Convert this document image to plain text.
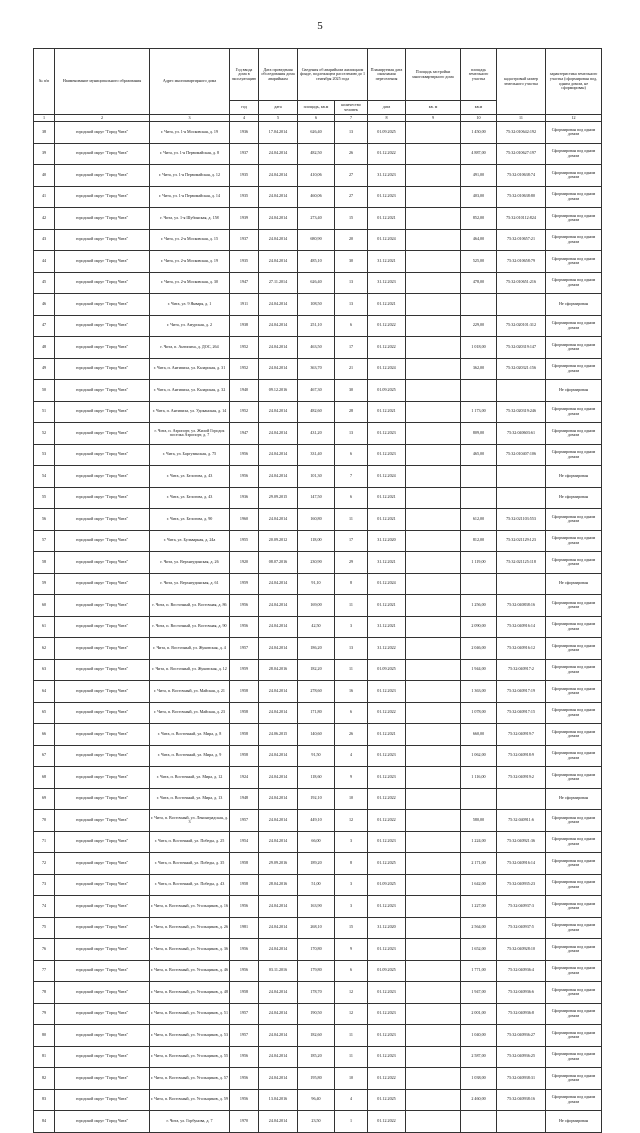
5
№ п/п	Наименование муниципального образования	Адрес многоквартирного дома	Год ввода дома в эксплуатацию	Дата проведения обследования дома аварийным	Сведения об аварийном жилищном фонде, подлежащем расселению до 1 сентября 2025 года		Планируемая дата окончания переселения	Площадь застройки многоквартирного дома	площадь земельного участка	кадастровый номер земельного участка	характеристика земельного участка (сформирован под, одним домом, не сформирован)
			год	дата	площадь, кв.м	количество человек	дата	кв. м	кв.м		
1	2	3	4	5	6	7	8	9	10	11	12
38	городской округ "Город Чита"	г. Чита, ул. 1-я Московская, д. 19	1936	17.04.2014	626,40	13	01.09.2025		1 450,00	75:32:010642:192	Сформирован под одним домом
39	городской округ "Город Чита"	г. Чита, ул. 1-я Первомайская, д. 8	1937	24.04.2014	482,50	26	01.12.2022		4 887,00	75:32:010627:197	Сформирован под одним домом
40	городской округ "Город Чита"	г. Чита, ул. 1-я Первомайская, д. 12	1935	24.04.2014	410,06	27	31.12.2023		491,00	75:32:010638:74	Сформирован под одним домом
41	городской округ "Город Чита"	г. Чита, ул. 1-я Первомайская, д. 14	1935	24.04.2014	460,06	27	01.12.2023		403,00	75:32:010638:80	Сформирован под одним домом
42	городской округ "Город Чита"	г. Чита, ул. 1-я Шубинская, д. 158	1939	24.04.2014	273,40	15	01.12.2021		852,00	75:32:010112:824	Сформирован под одним домом
43	городской округ "Город Чита"	г. Чита, ул. 2-я Московская, д. 15	1937	24.04.2014	680,90	20	01.12.2024		464,00	75:32:010657:21	Сформирован под одним домом
44	городской округ "Город Чита"	г. Чита, ул. 2-я Московская, д. 19	1935	24.04.2014	485,10	30	31.12.2021		525,00	75:32:010658:79	Сформирован под одним домом
45	городской округ "Город Чита"	г. Чита, ул. 2-я Московская, д. 30	1947	27.11.2014	626,40	13	31.12.2023		478,00	75:32:010651:216	Сформирован под одним домом
46	городской округ "Город Чита"	г. Чита, ул. 9 Января, д. 1	1911	24.04.2014	108,50	13	01.12.2021				Не сформирован
47	городской округ "Город Чита"	г. Чита, ул. Амурская, д. 2	1938	24.04.2014	251,10	6	01.12.2022		229,00	75:32:020101:312	Сформирован под одним домом
48	городской округ "Город Чита"	г. Чита, п. Антипиха, д. ДОС, 264	1952	24.04.2014	463,50	17	01.12.2022		1 018,00	75:32:020319:147	Сформирован под одним домом
49	городской округ "Город Чита"	г. Чита, п. Антипиха, ул. Каларская, д. 31	1952	24.04.2014	363,70	21	01.12.2024		362,00	75:32:020321:156	Сформирован под одним домом
50	городской округ "Город Чита"	г. Чита, п. Антипиха, ул. Каларская, д. 32	1940	09.12.2016	467,30	30	01.09.2025				Не сформирован
51	городской округ "Город Чита"	г. Чита, п. Антипиха, ул. Удоканская, д. 14	1952	24.04.2014	482,60	28	01.12.2021		1 173,00	75:32:020319:246	Сформирован под одним домом
52	городской округ "Город Чита"	г. Чита, п. Аэропорт, ул. Жилой Городок поселка Аэропорт, д. 7	1947	24.04.2014	431,20	13	01.12.2023		809,00	75:32:040603:61	Сформирован под одним домом
53	городской округ "Город Чита"	г. Чита, ул. Баргузинская, д. 75	1956	24.04.2014	331,40	6	01.12.2023		465,00	75:32:010407:106	Сформирован под одним домом
54	городской округ "Город Чита"	г. Чита, ул. Белогова, д. 43	1956	24.04.2014	101,30	7	01.12.2024				Не сформирован
55	городской округ "Город Чита"	г. Чита, ул. Белогова, д. 43	1936	29.09.2015	147,50	6	01.12.2021				Не сформирован
56	городской округ "Город Чита"	г. Чита, ул. Белогова, д. 90	1960	24.04.2014	160,80	11	01.12.2021		612,00	75:32:021103:553	Сформирован под одним домом
57	городской округ "Город Чита"	г. Чита, ул. Бульварная, д. 24а	1955	20.09.2012	118,00	17	31.12.2020		812,00	75:32:021129:123	Сформирован под одним домом
58	городской округ "Город Чита"	г. Чита, ул. Верхнеудинская, д. 26	1920	08.07.2016	230,90	29	31.12.2021		1 119,00	75:32:021125:118	Сформирован под одним домом
59	городской округ "Город Чита"	г. Чита, ул. Верхнеудинская, д. 61	1959	24.04.2014	91,10	8	01.12.2024				Не сформирован
60	городской округ "Город Чита"	г. Чита, п. Восточный, ул. Восточная, д. 86	1956	24.04.2014	169,00	11	01.12.2021		1 256,00	75:32:040838:16	Сформирован под одним домом
61	городской округ "Город Чита"	г. Чита, п. Восточный, ул. Восточная, д. 90	1956	24.04.2014	42,50	3	31.12.2021		2 090,00	75:32:040916:14	Сформирован под одним домом
62	городской округ "Город Чита"	г. Чита, п. Восточный, ул. Жуковская, д. 4	1957	24.04.2014	186,20	13	31.12.2022		2 046,00	75:32:040916:12	Сформирован под одним домом
63	городской округ "Город Чита"	г. Чита, п. Восточный, ул. Жуковская, д. 12	1959	28.04.2016	182,20	11	01.09.2025		1 944,00	75:32:040917:2	Сформирован под одним домом
64	городской округ "Город Чита"	г. Чита, п. Восточный, ул. Майская, д. 21	1958	24.04.2014	278,60	16	01.12.2023		1 363,00	75:32:040917:19	Сформирован под одним домом
65	городской округ "Город Чита"	г. Чита, п. Восточный, ул. Майская, д. 23	1958	24.04.2014	171,80	6	01.12.2022		1 078,00	75:32:040917:15	Сформирован под одним домом
66	городской округ "Город Чита"	г. Чита, п. Восточный, ул. Мира, д. 8	1958	24.06.2015	140,60	26	01.12.2021		660,00	75:32:040919:7	Сформирован под одним домом
67	городской округ "Город Чита"	г. Чита, п. Восточный, ул. Мира, д. 9	1958	24.04.2014	91,50	4	01.12.2023		1 062,00	75:32:040918:9	Сформирован под одним домом
68	городской округ "Город Чита"	г. Чита, п. Восточный, ул. Мира, д. 12	1924	24.04.2014	118,60	9	01.12.2023		1 116,00	75:32:040919:2	Сформирован под одним домом
69	городской округ "Город Чита"	г. Чита, п. Восточный, ул. Мира, д. 13	1948	24.04.2014	192,10	10	01.12.2022				Не сформирован
70	городской округ "Город Чита"	г. Чита, п. Восточный, ул. Ленинградская, д. 3	1957	24.04.2014	449,10	12	01.12.2022		580,00	75:32:040911:6	Сформирован под одним домом
71	городской округ "Город Чита"	г. Чита, п. Восточный, ул. Победы, д. 25	1954	24.04.2014	66,00	3	01.12.2023		1 224,00	75:32:040921:36	Сформирован под одним домом
72	городской округ "Город Чита"	г. Чита, п. Восточный, ул. Победы, д. 35	1958	29.09.2016	189,20	8	01.12.2025		2 171,00	75:32:040916:14	Сформирован под одним домом
73	городской округ "Город Чита"	г. Чита, п. Восточный, ул. Победы, д. 43	1958	28.04.2016	51,00	3	01.09.2025		1 642,00	75:32:040935:23	Сформирован под одним домом
74	городской округ "Город Чита"	г. Чита, п. Восточный, ул. Угольщиков, д. 16	1956	24.04.2014	163,90	3	01.12.2023		1 227,00	75:32:040937:3	Сформирован под одним домом
75	городской округ "Город Чита"	г. Чита, п. Восточный, ул. Угольщиков, д. 26	1981	24.04.2014	268,10	15	31.12.2020		2 564,00	75:32:040937:5	Сформирован под одним домом
76	городской округ "Город Чита"	г. Чита, п. Восточный, ул. Угольщиков, д. 36	1956	24.04.2014	170,80	9	01.12.2023		1 652,00	75:32:040928:10	Сформирован под одним домом
77	городской округ "Город Чита"	г. Чита, п. Восточный, ул. Угольщиков, д. 46	1956	03.11.2016	179,80	6	01.09.2025		1 771,00	75:32:040936:4	Сформирован под одним домом
78	городской округ "Город Чита"	г. Чита, п. Восточный, ул. Угольщиков, д. 48	1958	24.04.2014	178,70	12	01.12.2023		1 947,00	75:32:040936:6	Сформирован под одним домом
79	городской округ "Город Чита"	г. Чита, п. Восточный, ул. Угольщиков, д. 51	1957	24.04.2014	190,50	12	01.12.2023		2 001,00	75:32:040936:8	Сформирован под одним домом
80	городской округ "Город Чита"	г. Чита, п. Восточный, ул. Угольщиков, д. 53	1957	24.04.2014	182,60	11	01.12.2023		1 040,00	75:32:040936:27	Сформирован под одним домом
81	городской округ "Город Чита"	г. Чита, п. Восточный, ул. Угольщиков, д. 55	1956	24.04.2014	185,20	11	01.12.2023		2 587,00	75:32:040936:25	Сформирован под одним домом
82	городской округ "Город Чита"	г. Чита, п. Восточный, ул. Угольщиков, д. 57	1956	24.04.2014	195,80	10	01.12.2022		1 038,00	75:32:040938:31	Сформирован под одним домом
83	городской округ "Город Чита"	г. Чита, п. Восточный, ул. Угольщиков, д. 59	1956	13.04.2016	96,40	4	01.12.2025		2 460,00	75:32:040938:16	Сформирован под одним домом
84	городской округ "Город Чита"	г. Чита, ул. Горбунова, д. 7	1970	24.04.2014	23,50	1	01.12.2022				Не сформирован
